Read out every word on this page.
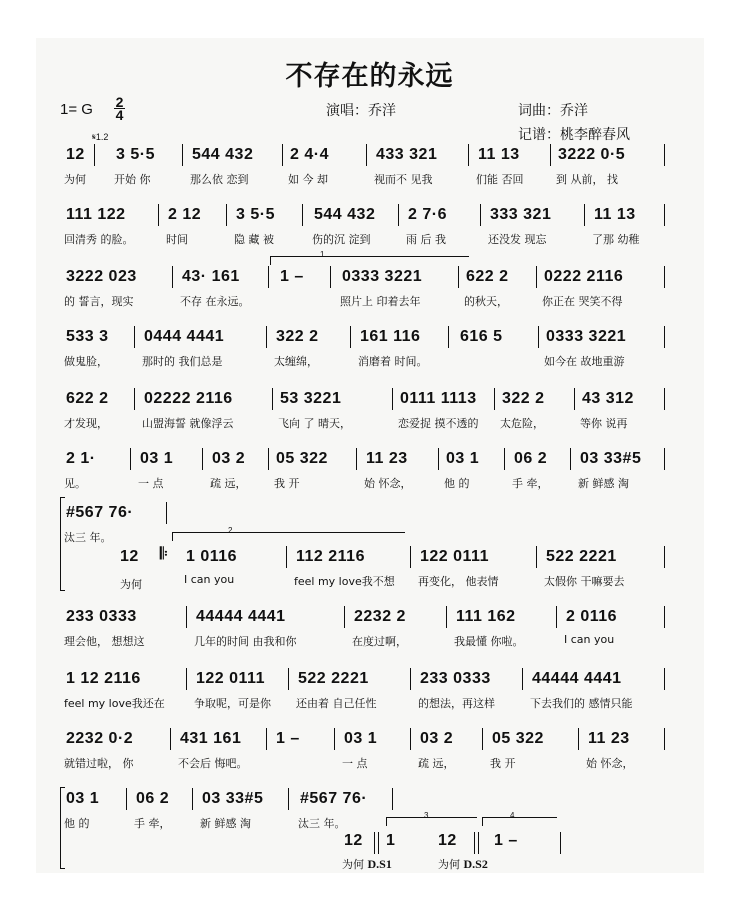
不存在的永远
1= G 2
4	演唱：乔洋	词曲：乔洋
记谱：桃李醉春风
𝄋1.2
12
为何
3 5·5
开始 你
544 432
那么依 恋到
2 4·4
如 今 却
433 321
视而不 见我
11 13
们能 否回
3222 0·5
到 从前， 找
111 122
回清秀 的脸。
2 12
时间
3 5·5
隐 藏 被
544 432
伤的沉 淀到
2 7·6
雨 后 我
333 321
还没发 现忘
11 13
了那 幼稚
3222 023
的 誓言，现实
43· 161
不存 在永远。
1 – 0333 3221
照片上 印着去年
622 2
的秋天，
0222 2116
你正在 哭笑不得
533 3
做鬼脸，
0444 4441
那时的 我们总是
322 2
太缠绵，
161 116
消磨着 时间。
616 5	0333 3221
如今在 故地重游
622 2
才发现，
02222 2116
山盟海誓 就像浮云
53 3221
飞向 了 晴天，
0111 1113
恋爱捉 摸不透的
322 2
太危险，
43 312
等你 说再
2 1·
见。
03 1
一 点
03 2
疏 远，
05 322
我 开
11 23
始 怀念，
03 1
他 的
06 2
手 牵，
03 33#5
新 鲜感 淘
#567 76·
汰三 年。
1 0116
I can you
112 2116
feel my love我不想
122 0111
再变化， 他表情
522 2221
太假你 干嘛要去
233 0333
理会他， 想想这
44444 4441
几年的时间 由我和你
2232 2
在度过啊，
111 162
我最懂 你啦。
2 0116
I can you
1 12 2116
feel my love我还在
122 0111
争取呢，可是你
522 2221
还由着 自己任性
233 0333
的想法，再这样
44444 4441
下去我们的 感情只能
2232 0·2
就错过啦， 你
431 161
不会后 悔吧。
1 –	03 1
一 点
03 2
疏 远，
05 322
我 开
11 23
始 怀念，
03 1
他 的
06 2
手 牵，
03 33#5
新 鲜感 淘
#567 76·
汰三 年。
1
2
3	4
12
为何
𝄆
12 1	12 1 –
为何 D.S1	为何 D.S2
